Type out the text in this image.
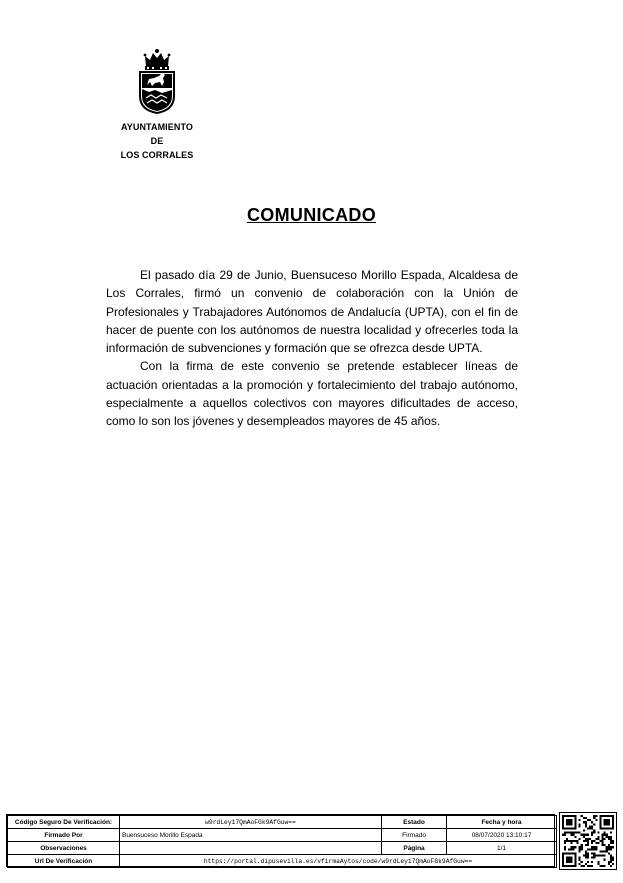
AYUNTAMIENTO
DE
LOS CORRALES
COMUNICADO

El pasado día 29 de Junio, Buensuceso Morillo Espada, Alcaldesa de Los Corrales, firmó un convenio de colaboración con la Unión de Profesionales y Trabajadores Autónomos de Andalucía (UPTA), con el fin de hacer de puente con los autónomos de nuestra localidad y ofrecerles toda la información de subvenciones y formación que se ofrezca desde UPTA.

Con la firma de este convenio se pretende establecer líneas de actuación orientadas a la promoción y fortalecimiento del trabajo autónomo, especialmente a aquellos colectivos con mayores dificultades de acceso, como lo son los jóvenes y desempleados mayores de 45 años.

Código Seguro De Verificación:	w9rdLey17QmAoFGk9AfGuw==	Estado	Fecha y hora
Firmado Por	Buensuceso Morillo Espada	Firmado	08/07/2020 13:10:17
Observaciones		Página	1/1
Url De Verificación	https://portal.dipusevilla.es/vfirmaAytos/code/w9rdLey17QmAoFGk9AfGuw==		
